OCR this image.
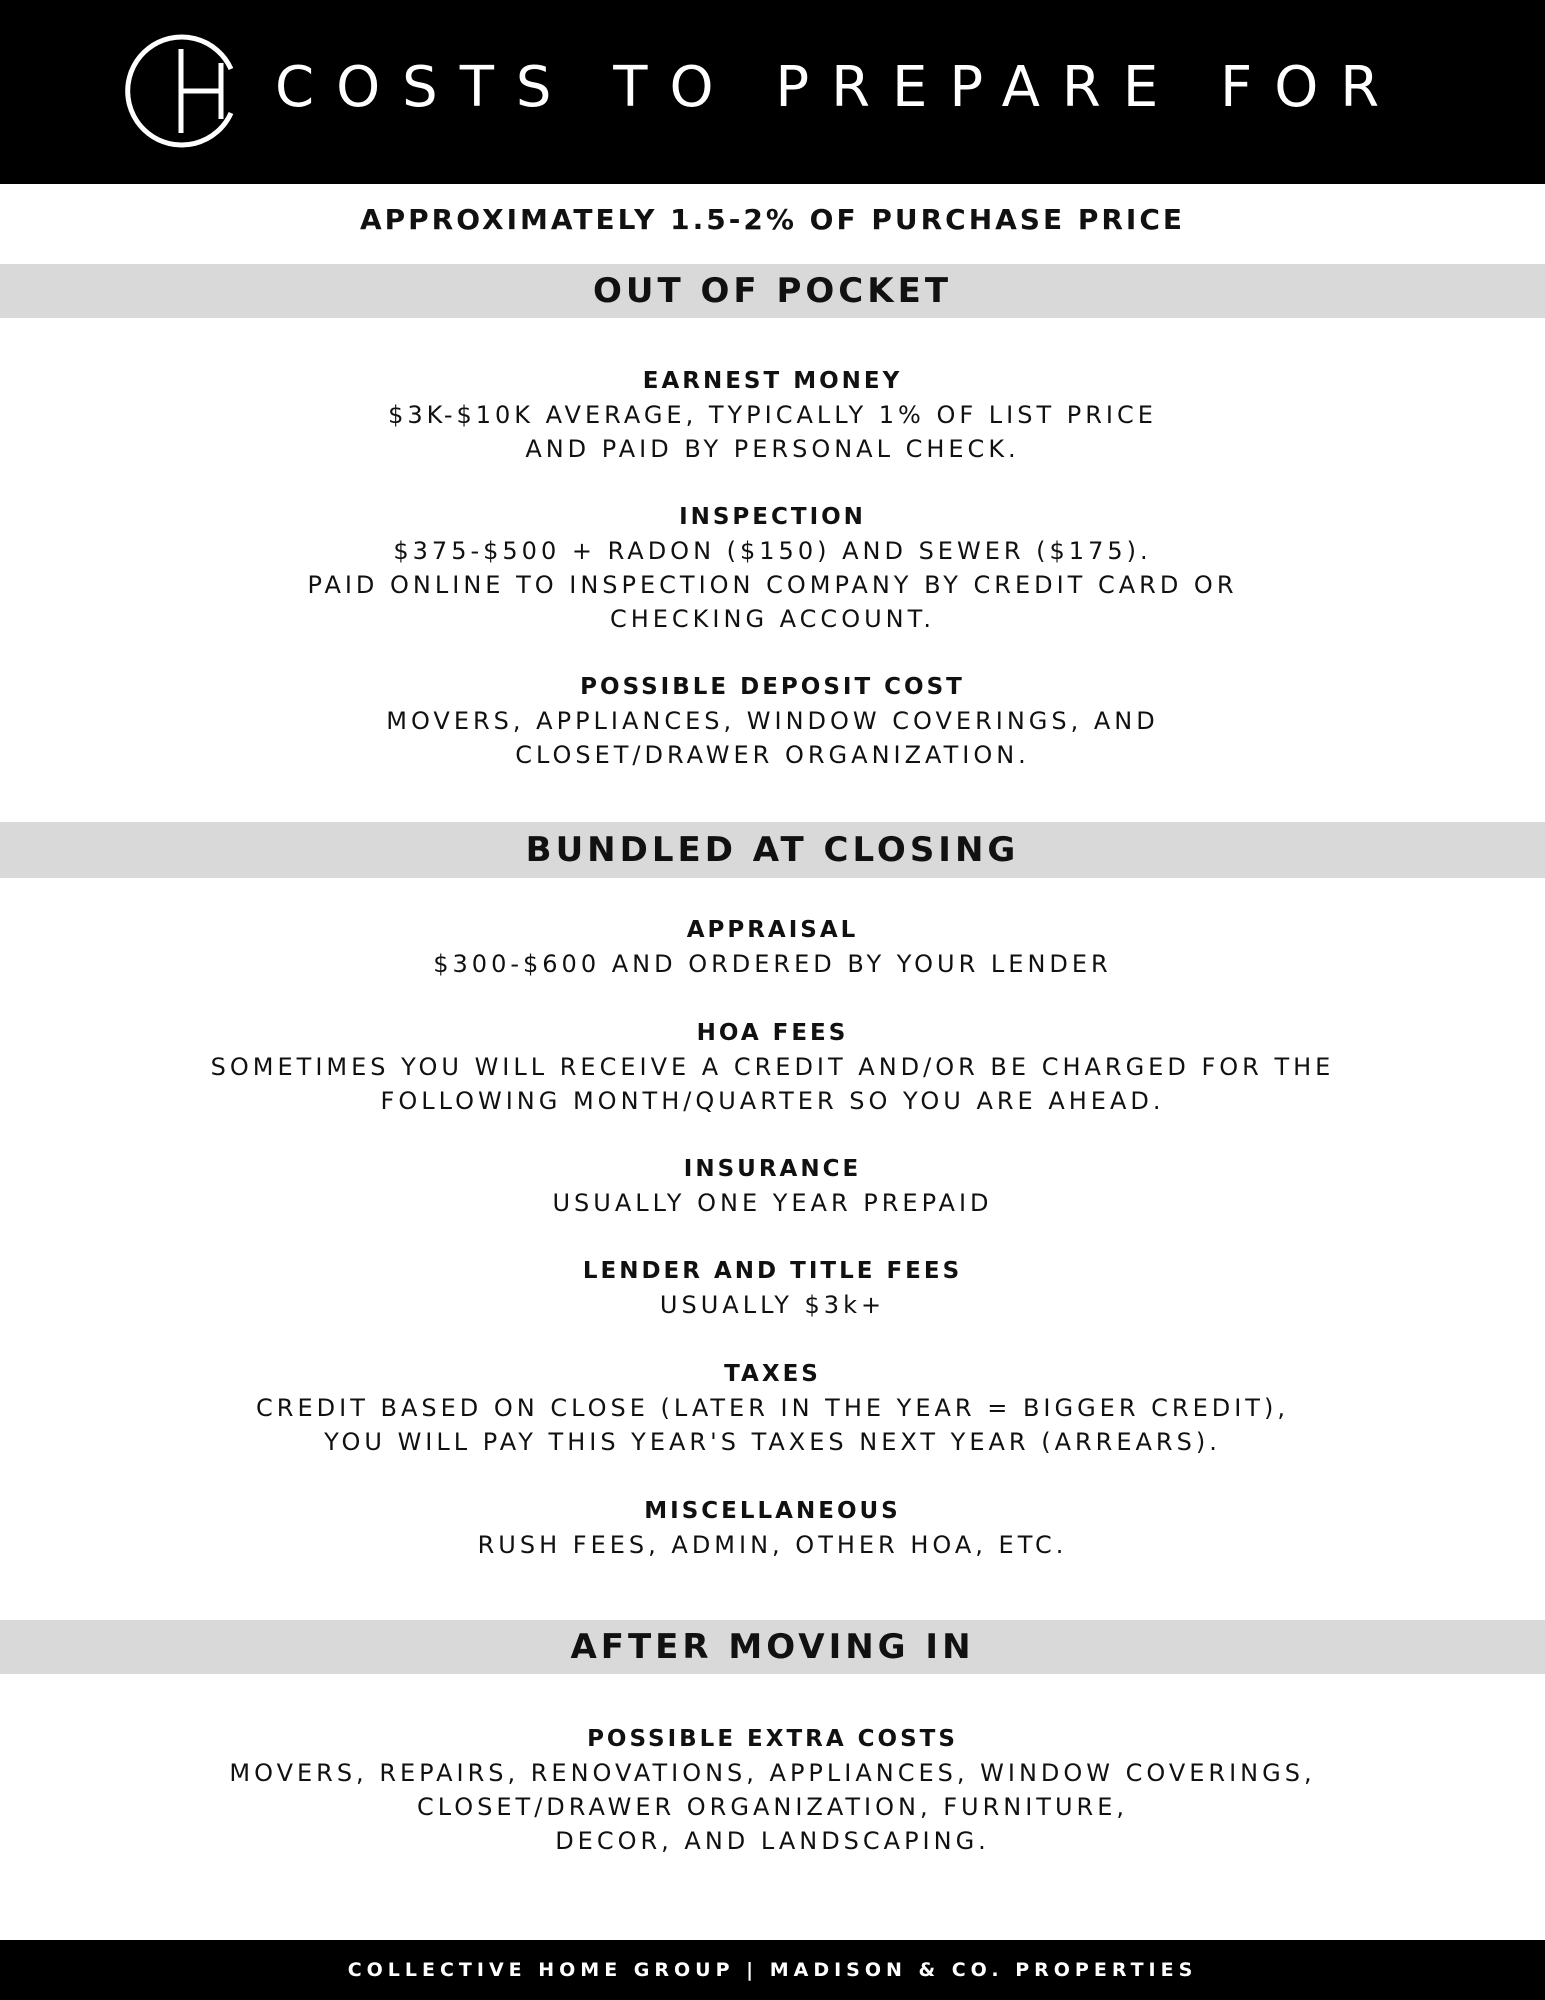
COSTS TO PREPARE FOR
APPROXIMATELY 1.5-2% OF PURCHASE PRICE
OUT OF POCKET
EARNEST MONEY
$3K-$10K AVERAGE, TYPICALLY 1% OF LIST PRICE
AND PAID BY PERSONAL CHECK.
INSPECTION
$375-$500 + RADON ($150) AND SEWER ($175).
PAID ONLINE TO INSPECTION COMPANY BY CREDIT CARD OR
CHECKING ACCOUNT.
POSSIBLE DEPOSIT COST
MOVERS, APPLIANCES, WINDOW COVERINGS, AND
CLOSET/DRAWER ORGANIZATION.
BUNDLED AT CLOSING
APPRAISAL
$300-$600 AND ORDERED BY YOUR LENDER
HOA FEES
SOMETIMES YOU WILL RECEIVE A CREDIT AND/OR BE CHARGED FOR THE
FOLLOWING MONTH/QUARTER SO YOU ARE AHEAD.
INSURANCE
USUALLY ONE YEAR PREPAID
LENDER AND TITLE FEES
USUALLY $3k+
TAXES
CREDIT BASED ON CLOSE (LATER IN THE YEAR = BIGGER CREDIT),
YOU WILL PAY THIS YEAR'S TAXES NEXT YEAR (ARREARS).
MISCELLANEOUS
RUSH FEES, ADMIN, OTHER HOA, ETC.
AFTER MOVING IN
POSSIBLE EXTRA COSTS
MOVERS, REPAIRS, RENOVATIONS, APPLIANCES, WINDOW COVERINGS,
CLOSET/DRAWER ORGANIZATION, FURNITURE,
DECOR, AND LANDSCAPING.
COLLECTIVE HOME GROUP | MADISON & CO. PROPERTIES
